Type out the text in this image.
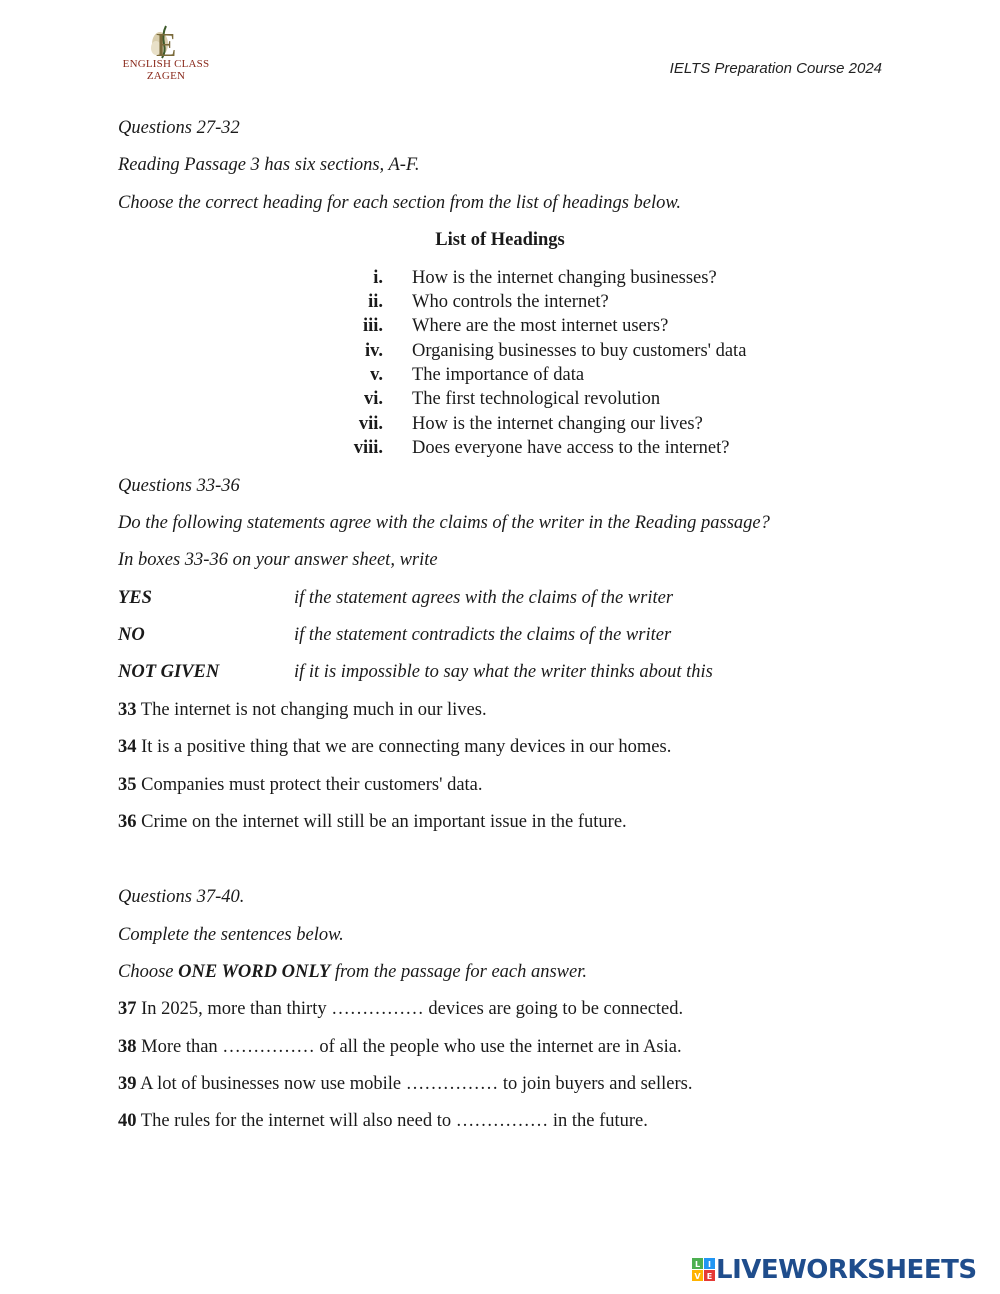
E
ENGLISH CLASS ZAGEN	IELTS Preparation Course 2024
Questions 27-32
Reading Passage 3 has six sections, A-F.
Choose the correct heading for each section from the list of headings below.
List of Headings
i. How is the internet changing businesses?
ii. Who controls the internet?
iii. Where are the most internet users?
iv. Organising businesses to buy customers' data
v. The importance of data
vi. The first technological revolution
vii. How is the internet changing our lives?
viii. Does everyone have access to the internet?
Questions 33-36
Do the following statements agree with the claims of the writer in the Reading passage?
In boxes 33-36 on your answer sheet, write
YES	if the statement agrees with the claims of the writer
NO	if the statement contradicts the claims of the writer
NOT GIVEN	if it is impossible to say what the writer thinks about this
33 The internet is not changing much in our lives.
34 It is a positive thing that we are connecting many devices in our homes.
35 Companies must protect their customers' data.
36 Crime on the internet will still be an important issue in the future.
Questions 37-40.
Complete the sentences below.
Choose ONE WORD ONLY from the passage for each answer.
37 In 2025, more than thirty …………… devices are going to be connected.
38 More than …………… of all the people who use the internet are in Asia.
39 A lot of businesses now use mobile …………… to join buyers and sellers.
40 The rules for the internet will also need to …………… in the future.
L I
V E LIVEWORKSHEETS
